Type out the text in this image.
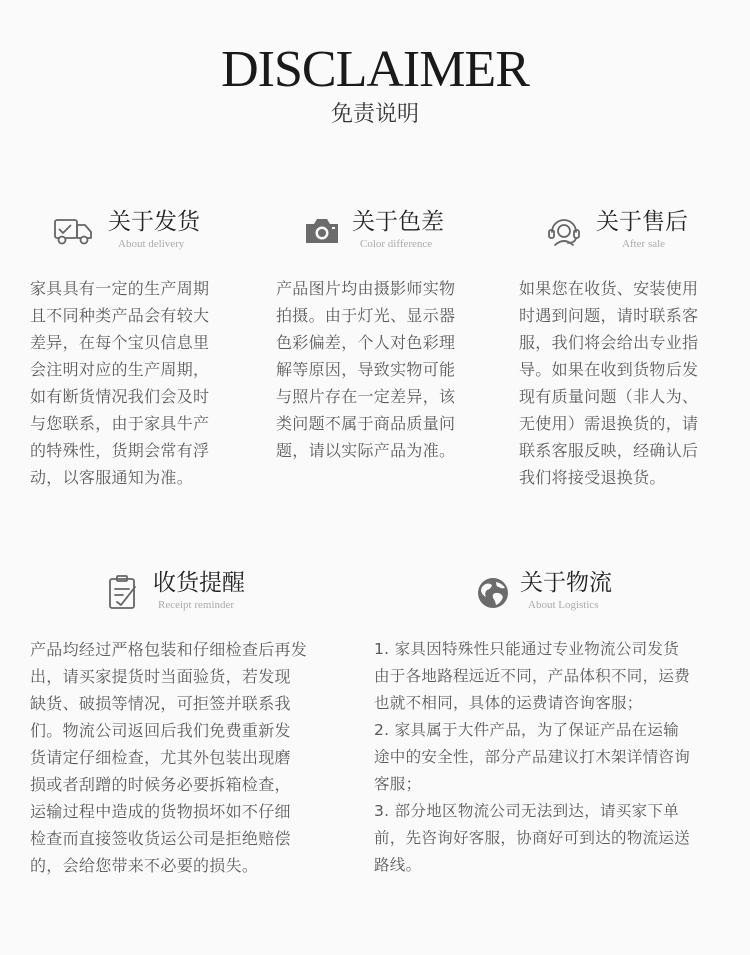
DISCLAIMER
免责说明
关于发货
About delivery

家具具有一定的生产周期
且不同种类产品会有较大
差异，在每个宝贝信息里
会注明对应的生产周期，
如有断货情况我们会及时
与您联系，由于家具牛产
的特殊性，货期会常有浮
动，以客服通知为准。

关于色差
Color difference

产品图片均由摄影师实物
拍摄。由于灯光、显示器
色彩偏差，个人对色彩理
解等原因，导致实物可能
与照片存在一定差异，该
类问题不属于商品质量问
题，请以实际产品为准。

关于售后
After sale

如果您在收货、安装使用
时遇到问题，请时联系客
服，我们将会给出专业指
导。如果在收到货物后发
现有质量问题（非人为、
无使用）需退换货的，请
联系客服反映，经确认后
我们将接受退换货。

收货提醒
Receipt reminder

产品均经过严格包装和仔细检查后再发
出，请买家提货时当面验货，若发现
缺货、破损等情况，可拒签并联系我
们。物流公司返回后我们免费重新发
货请定仔细检查，尤其外包装出现磨
损或者刮蹭的时候务必要拆箱检查，
运输过程中造成的货物损坏如不仔细
检查而直接签收货运公司是拒绝赔偿
的，会给您带来不必要的损失。

关于物流
About Logistics

1. 家具因特殊性只能通过专业物流公司发货
由于各地路程远近不同，产品体积不同，运费
也就不相同，具体的运费请咨询客服；
2. 家具属于大件产品，为了保证产品在运输
途中的安全性，部分产品建议打木架详情咨询
客服；
3. 部分地区物流公司无法到达，请买家下单
前，先咨询好客服，协商好可到达的物流运送
路线。
